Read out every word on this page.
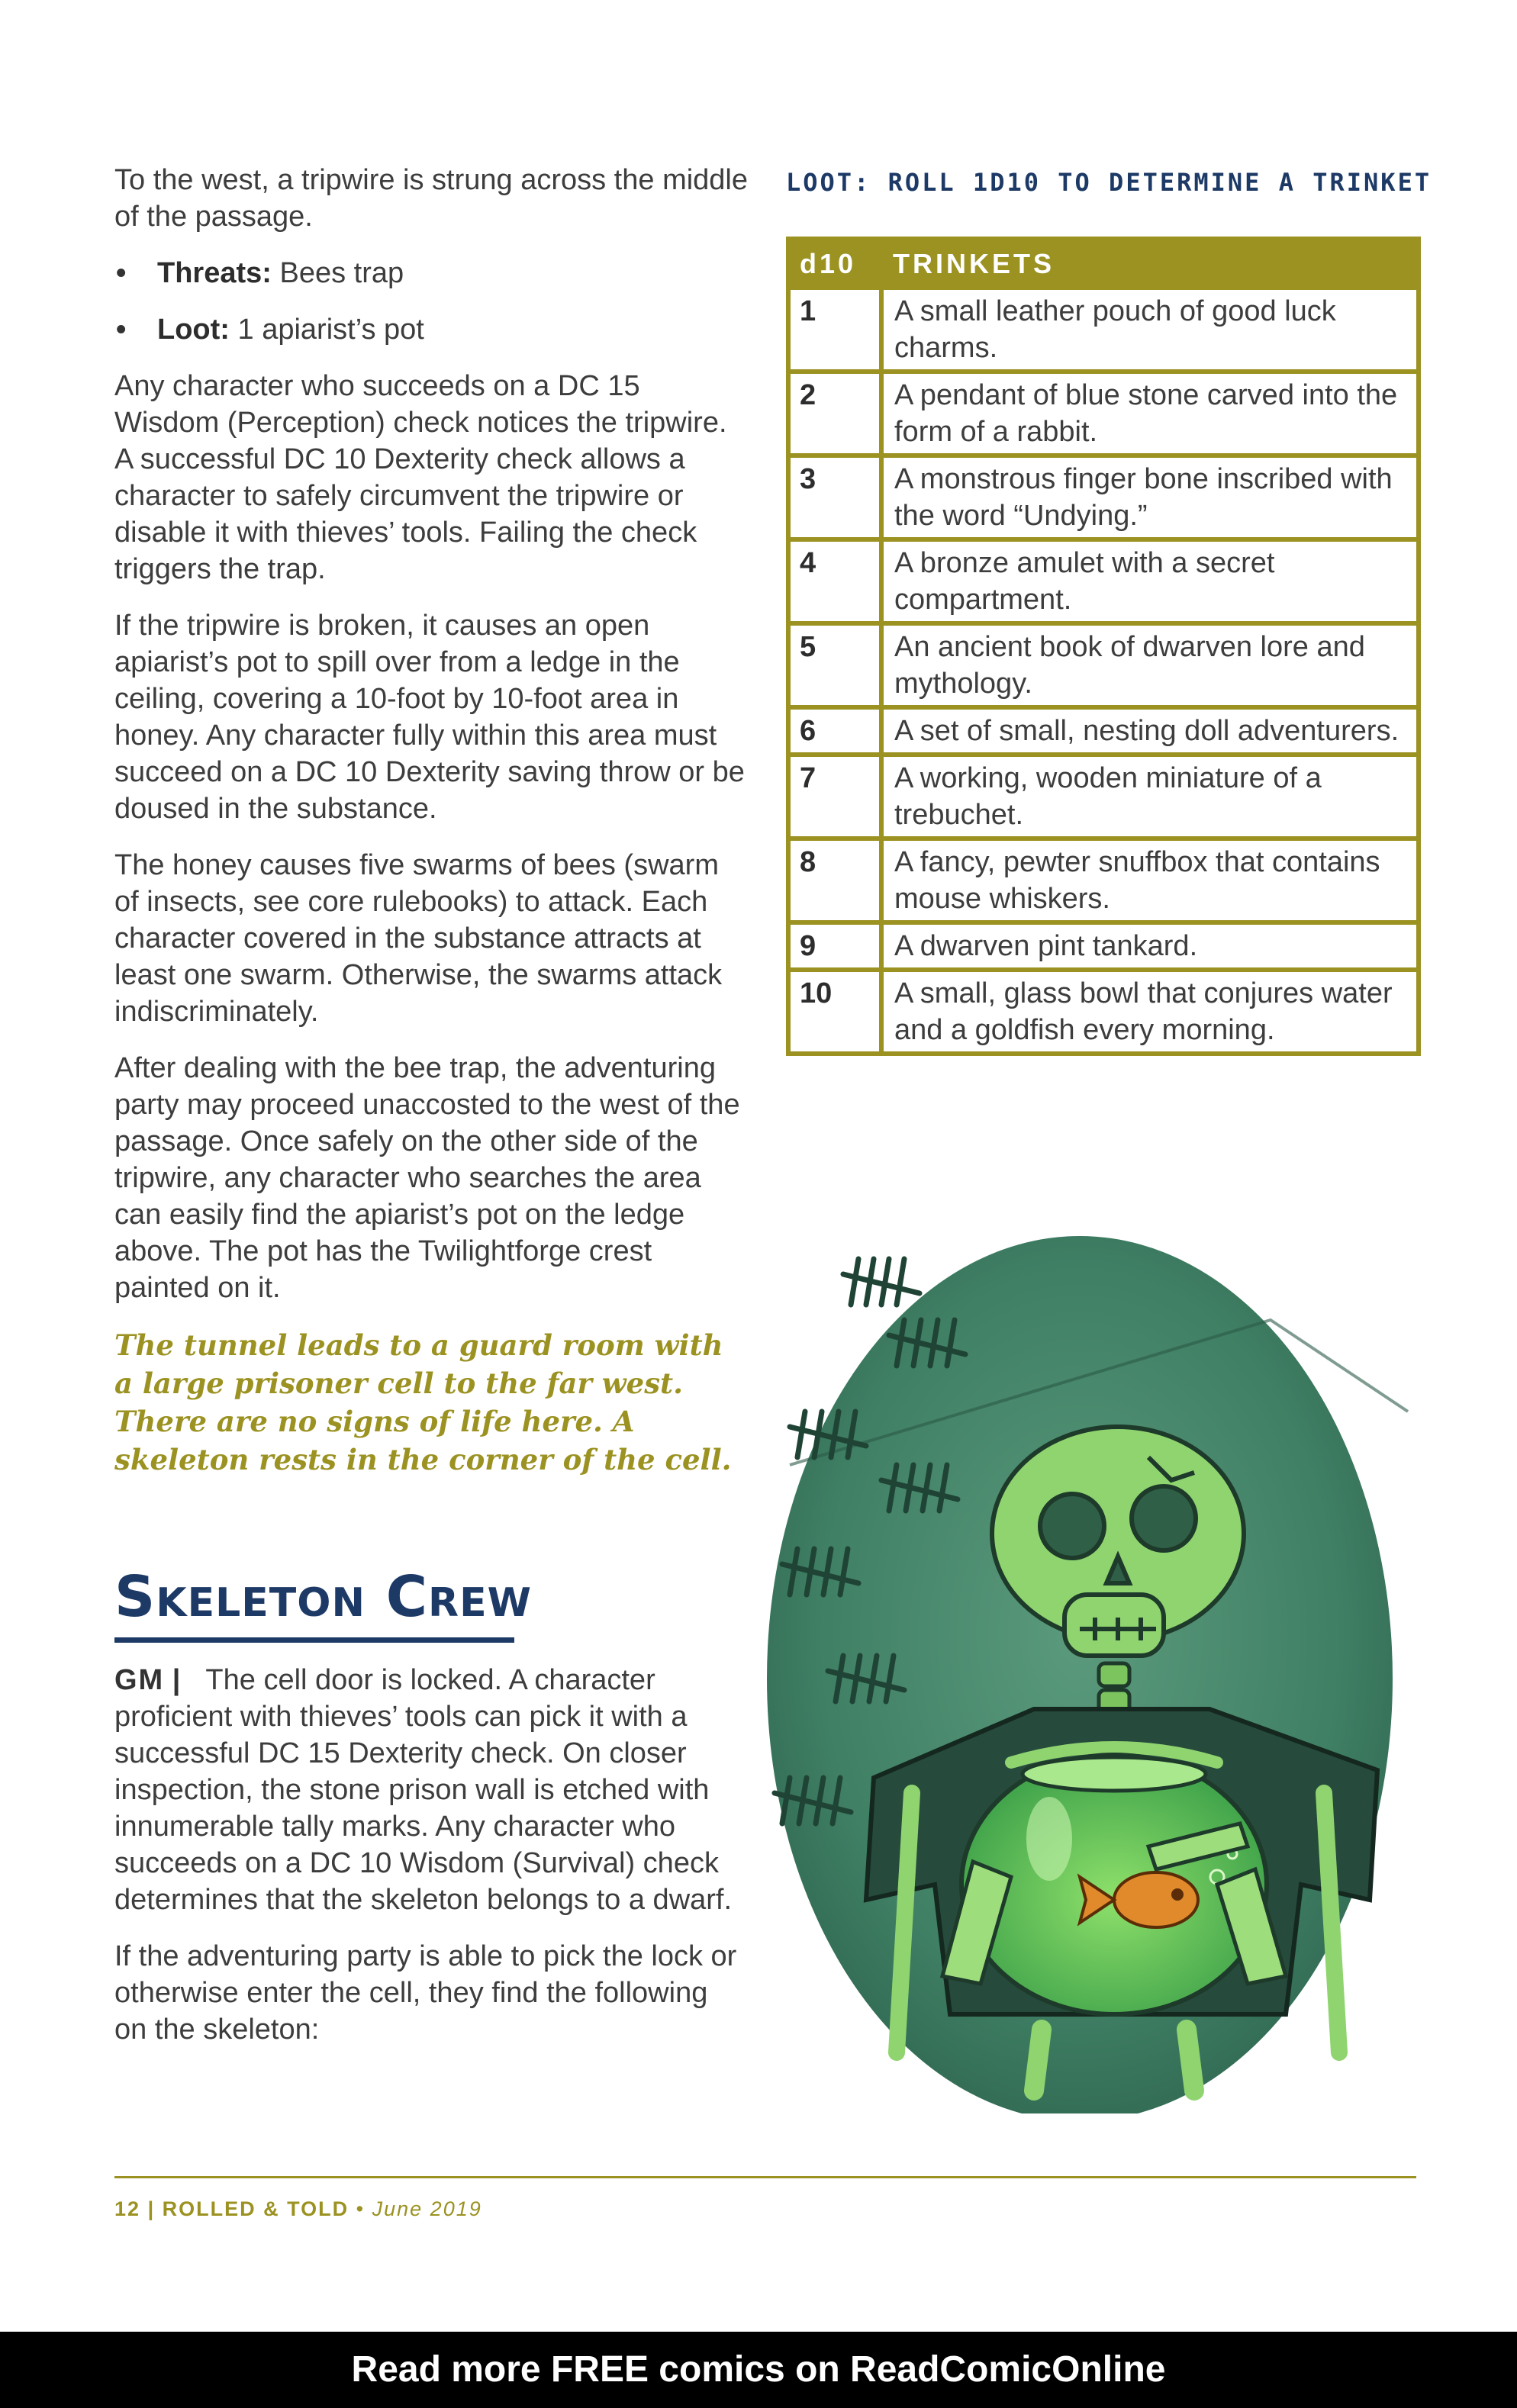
To the west, a tripwire is strung across the middle of the passage.

• Threats: Bees trap
• Loot: 1 apiarist’s pot

Any character who succeeds on a DC 15 Wisdom (Perception) check notices the tripwire. A successful DC 10 Dexterity check allows a character to safely circumvent the tripwire or disable it with thieves’ tools. Failing the check triggers the trap.

If the tripwire is broken, it causes an open apiarist’s pot to spill over from a ledge in the ceiling, covering a 10-foot by 10-foot area in honey. Any character fully within this area must succeed on a DC 10 Dexterity saving throw or be doused in the substance.

The honey causes five swarms of bees (swarm of insects, see core rulebooks) to attack. Each character covered in the substance attracts at least one swarm. Otherwise, the swarms attack indiscriminately.

After dealing with the bee trap, the adventuring party may proceed unaccosted to the west of the passage. Once safely on the other side of the tripwire, any character who searches the area can easily find the apiarist’s pot on the ledge above. The pot has the Twilightforge crest painted on it.

The tunnel leads to a guard room with a large prisoner cell to the far west. There are no signs of life here. A skeleton rests in the corner of the cell.

Skeleton Crew

GM | The cell door is locked. A character proficient with thieves’ tools can pick it with a successful DC 15 Dexterity check. On closer inspection, the stone prison wall is etched with innumerable tally marks. Any character who succeeds on a DC 10 Wisdom (Survival) check determines that the skeleton belongs to a dwarf.

If the adventuring party is able to pick the lock or otherwise enter the cell, they find the following on the skeleton:

LOOT: ROLL 1D10 TO DETERMINE A TRINKET
d10	TRINKETS
1	A small leather pouch of good luck charms.
2	A pendant of blue stone carved into the form of a rabbit.
3	A monstrous finger bone inscribed with the word “Undying.”
4	A bronze amulet with a secret compartment.
5	An ancient book of dwarven lore and mythology.
6	A set of small, nesting doll adventurers.
7	A working, wooden miniature of a trebuchet.
8	A fancy, pewter snuffbox that contains mouse whiskers.
9	A dwarven pint tankard.
10	A small, glass bowl that conjures water and a goldfish every morning.
12 | ROLLED & TOLD • June 2019
Read more FREE comics on ReadComicOnline
